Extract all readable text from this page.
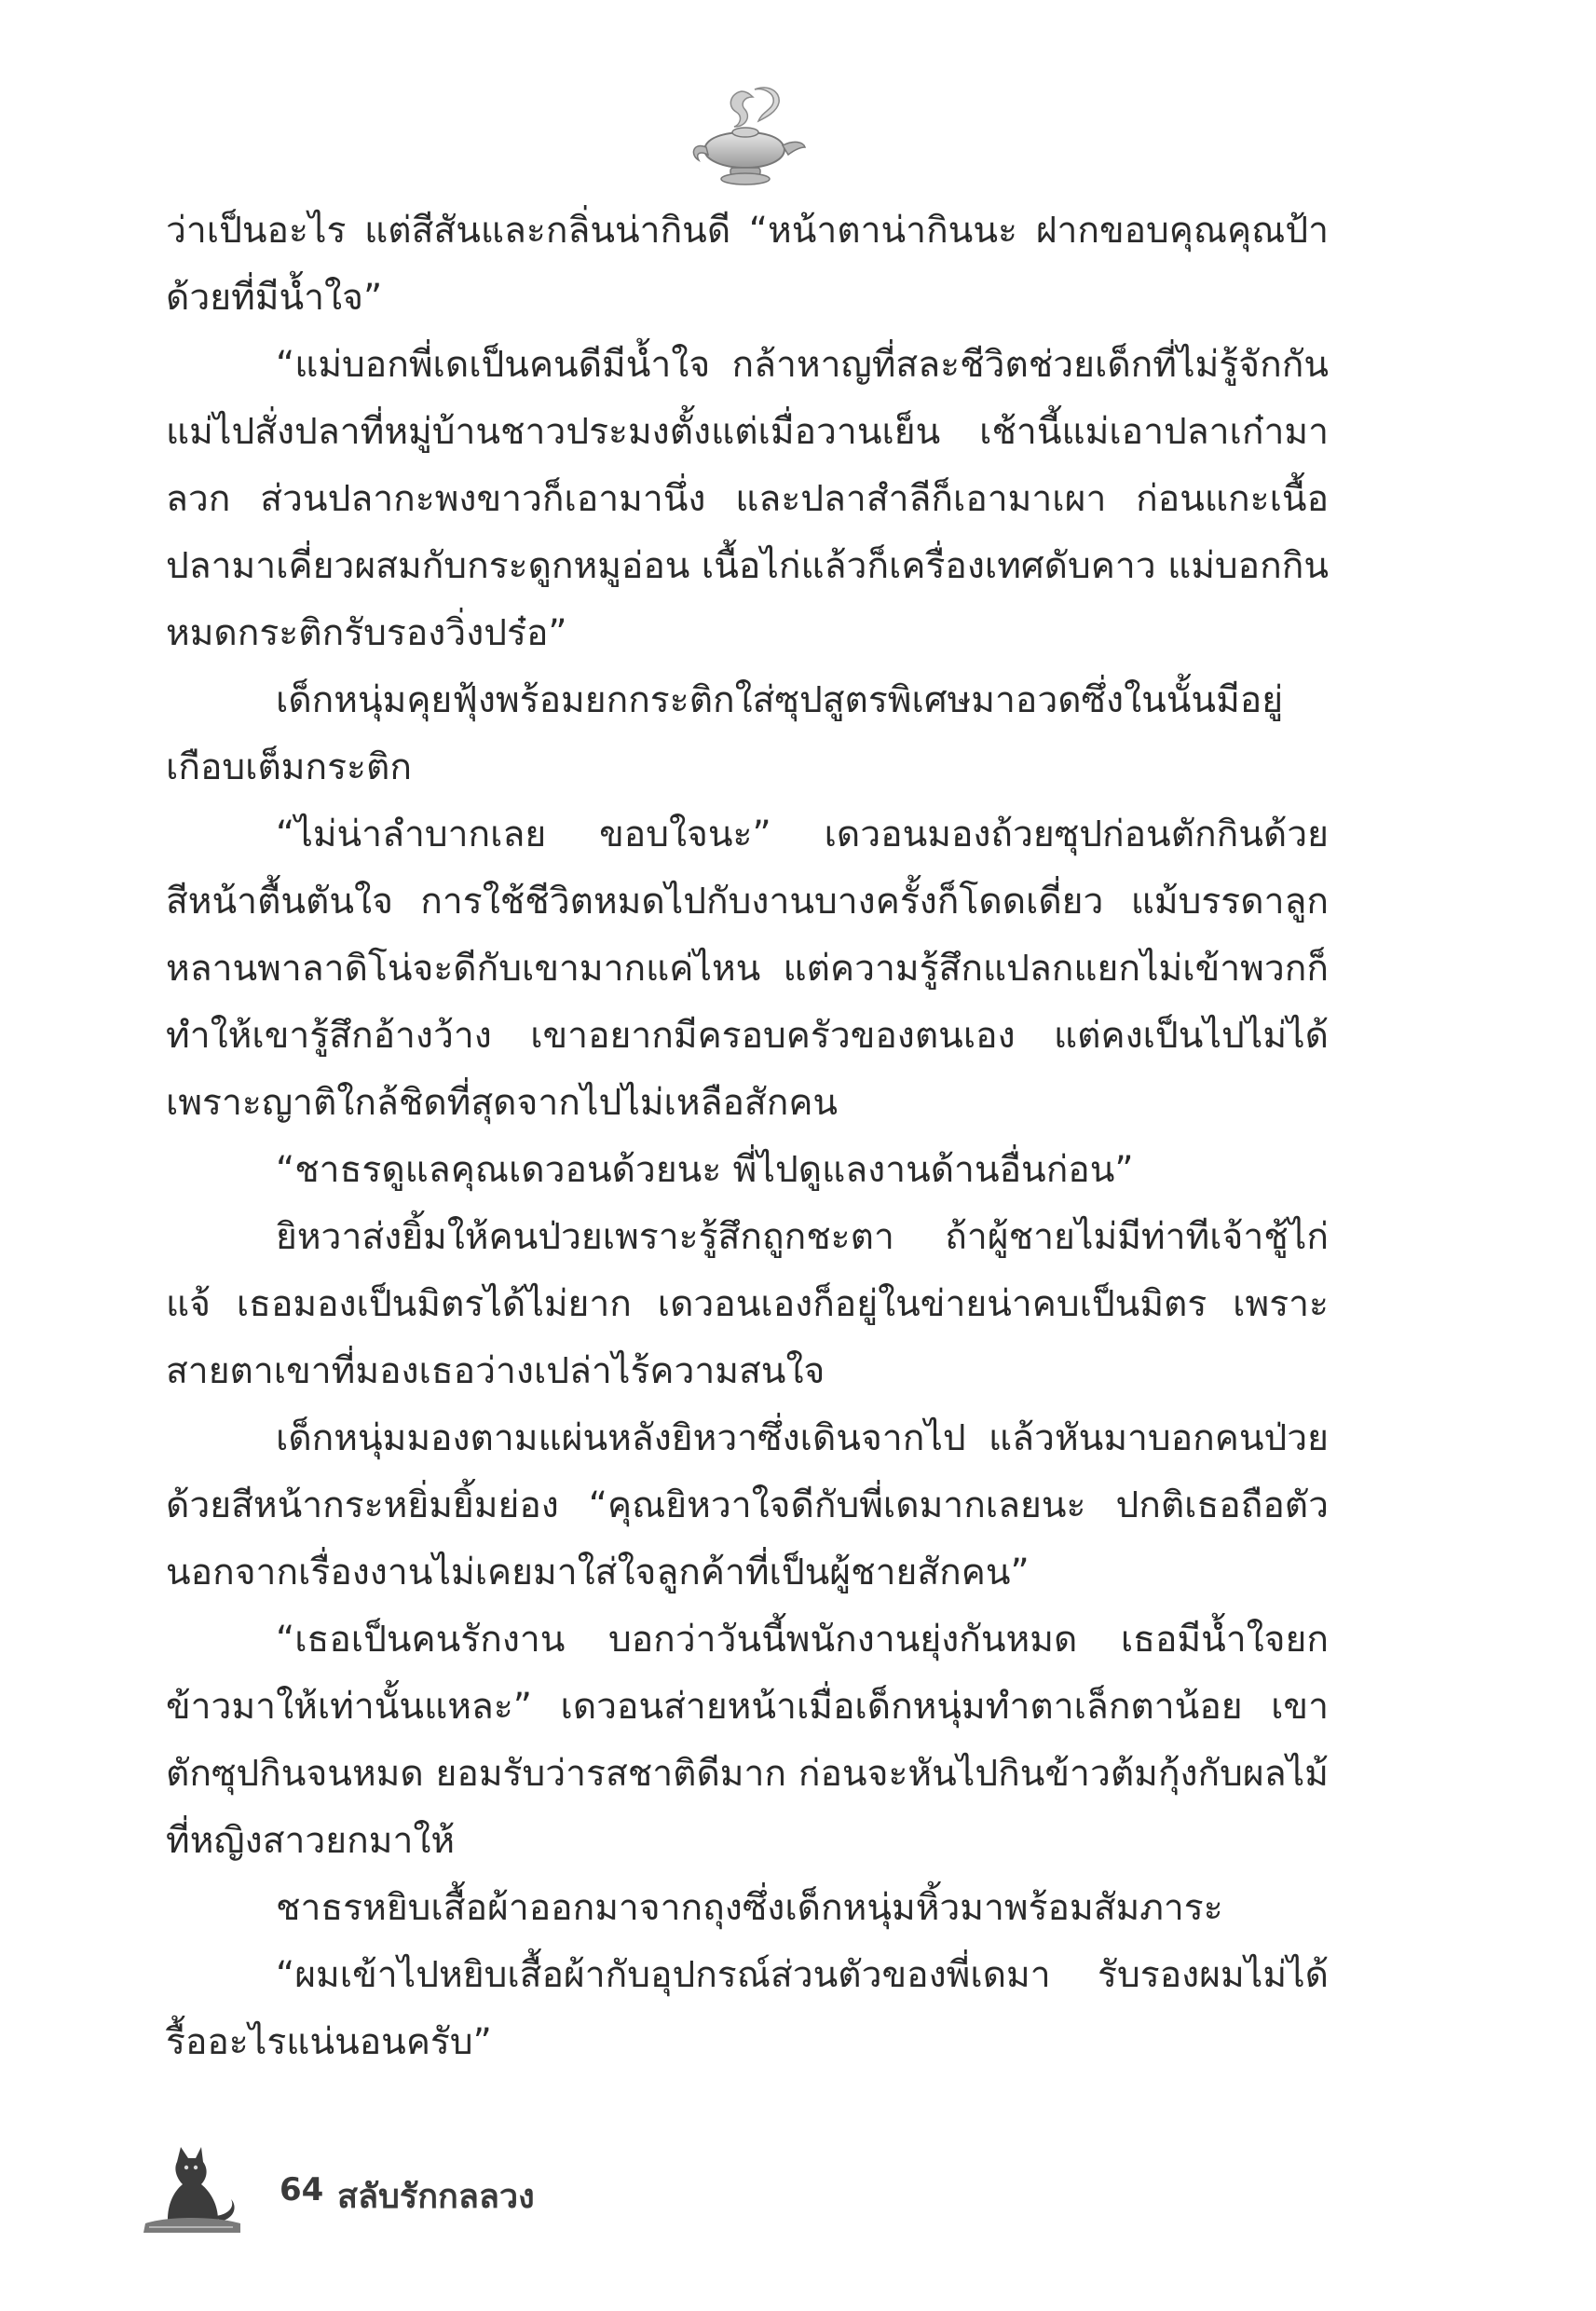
ว่าเป็นอะไร แต่สีสันและกลิ่นน่ากินดี “หน้าตาน่ากินนะ ฝากขอบคุณคุณป้าด้วยที่มีน้ำใจ”

“แม่บอกพี่เดเป็นคนดีมีน้ำใจ กล้าหาญที่สละชีวิตช่วยเด็กที่ไม่รู้จักกัน แม่ไปสั่งปลาที่หมู่บ้านชาวประมงตั้งแต่เมื่อวานเย็น เช้านี้แม่เอาปลาเก๋ามาลวก ส่วนปลากะพงขาวก็เอามานึ่ง และปลาสำลีก็เอามาเผา ก่อนแกะเนื้อปลามาเคี่ยวผสมกับกระดูกหมูอ่อน เนื้อไก่แล้วก็เครื่องเทศดับคาว แม่บอกกินหมดกระติกรับรองวิ่งปร๋อ”

เด็กหนุ่มคุยฟุ้งพร้อมยกกระติกใส่ซุปสูตรพิเศษมาอวดซึ่งในนั้นมีอยู่เกือบเต็มกระติก

“ไม่น่าลำบากเลย ขอบใจนะ” เดวอนมองถ้วยซุปก่อนตักกินด้วยสีหน้าตื้นตันใจ การใช้ชีวิตหมดไปกับงานบางครั้งก็โดดเดี่ยว แม้บรรดาลูกหลานพาลาดิโน่จะดีกับเขามากแค่ไหน แต่ความรู้สึกแปลกแยกไม่เข้าพวกก็ทำให้เขารู้สึกอ้างว้าง เขาอยากมีครอบครัวของตนเอง แต่คงเป็นไปไม่ได้ เพราะญาติใกล้ชิดที่สุดจากไปไม่เหลือสักคน

“ชาธรดูแลคุณเดวอนด้วยนะ พี่ไปดูแลงานด้านอื่นก่อน”

ยิหวาส่งยิ้มให้คนป่วยเพราะรู้สึกถูกชะตา ถ้าผู้ชายไม่มีท่าทีเจ้าชู้ไก่แจ้ เธอมองเป็นมิตรได้ไม่ยาก เดวอนเองก็อยู่ในข่ายน่าคบเป็นมิตร เพราะสายตาเขาที่มองเธอว่างเปล่าไร้ความสนใจ

เด็กหนุ่มมองตามแผ่นหลังยิหวาซึ่งเดินจากไป แล้วหันมาบอกคนป่วยด้วยสีหน้ากระหยิ่มยิ้มย่อง “คุณยิหวาใจดีกับพี่เดมากเลยนะ ปกติเธอถือตัว นอกจากเรื่องงานไม่เคยมาใส่ใจลูกค้าที่เป็นผู้ชายสักคน”

“เธอเป็นคนรักงาน บอกว่าวันนี้พนักงานยุ่งกันหมด เธอมีน้ำใจยกข้าวมาให้เท่านั้นแหละ” เดวอนส่ายหน้าเมื่อเด็กหนุ่มทำตาเล็กตาน้อย เขาตักซุปกินจนหมด ยอมรับว่ารสชาติดีมาก ก่อนจะหันไปกินข้าวต้มกุ้งกับผลไม้ที่หญิงสาวยกมาให้

ชาธรหยิบเสื้อผ้าออกมาจากถุงซึ่งเด็กหนุ่มหิ้วมาพร้อมสัมภาระ

“ผมเข้าไปหยิบเสื้อผ้ากับอุปกรณ์ส่วนตัวของพี่เดมา รับรองผมไม่ได้รื้ออะไรแน่นอนครับ”

64 สลับรักกลลวง
